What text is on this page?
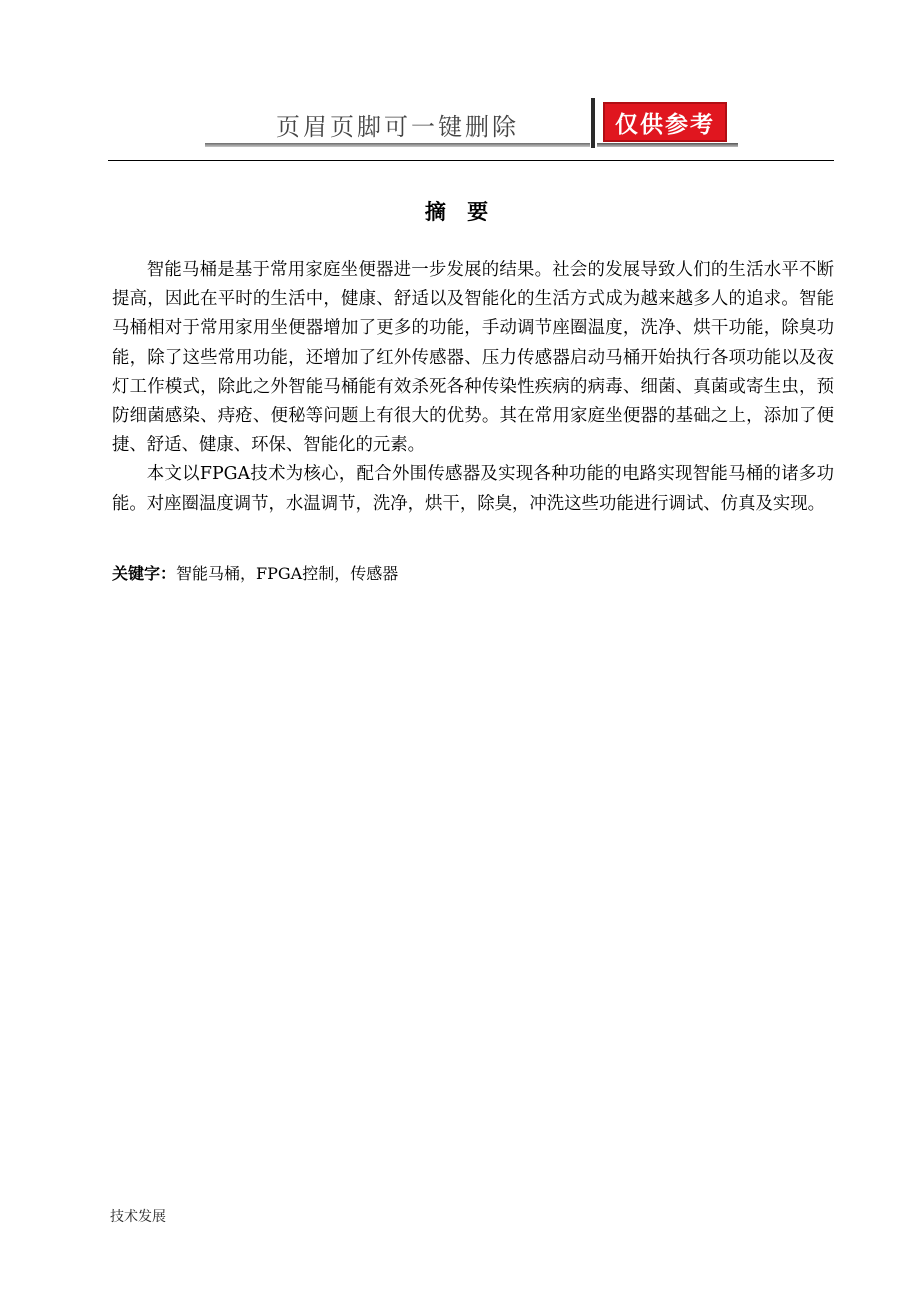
页眉页脚可一键删除	仅供参考
摘 要

智能马桶是基于常用家庭坐便器进一步发展的结果。社会的发展导致人们的生活水平不断提高，因此在平时的生活中，健康、舒适以及智能化的生活方式成为越来越多人的追求。智能马桶相对于常用家用坐便器增加了更多的功能，手动调节座圈温度，洗净、烘干功能，除臭功能，除了这些常用功能，还增加了红外传感器、压力传感器启动马桶开始执行各项功能以及夜灯工作模式，除此之外智能马桶能有效杀死各种传染性疾病的病毒、细菌、真菌或寄生虫，预防细菌感染、痔疮、便秘等问题上有很大的优势。其在常用家庭坐便器的基础之上，添加了便捷、舒适、健康、环保、智能化的元素。

本文以FPGA技术为核心，配合外围传感器及实现各种功能的电路实现智能马桶的诸多功能。对座圈温度调节，水温调节，洗净，烘干，除臭，冲洗这些功能进行调试、仿真及实现。

关键字：智能马桶，FPGA控制，传感器
技术发展
